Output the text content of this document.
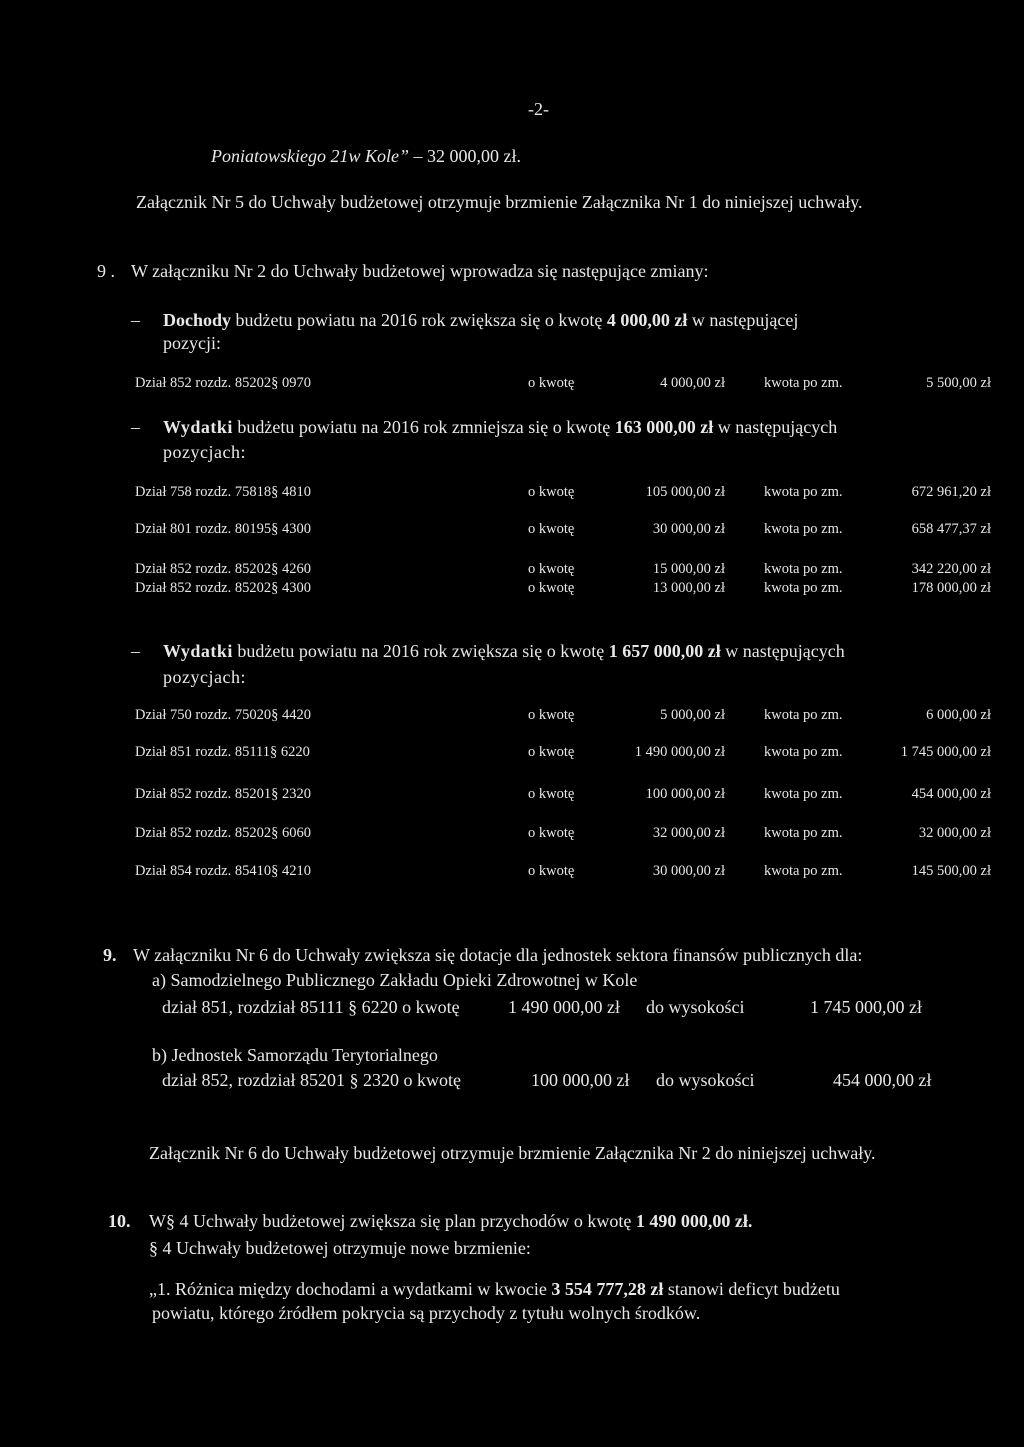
-2-
Poniatowskiego 21w Kole” – 32 000,00 zł.
Załącznik Nr 5 do Uchwały budżetowej otrzymuje brzmienie Załącznika Nr 1 do niniejszej uchwały.
9 . W załączniku Nr 2 do Uchwały budżetowej wprowadza się następujące zmiany:
– Dochody budżetu powiatu na 2016 rok zwiększa się o kwotę 4 000,00 zł w następującej
pozycji:
Dział 852 rozdz. 85202§ 0970	o kwotę	4 000,00 zł	kwota po zm.	5 500,00 zł
– Wydatki budżetu powiatu na 2016 rok zmniejsza się o kwotę 163 000,00 zł w następujących
pozycjach:
Dział 758 rozdz. 75818§ 4810	o kwotę	105 000,00 zł	kwota po zm.	672 961,20 zł
Dział 801 rozdz. 80195§ 4300	o kwotę	30 000,00 zł	kwota po zm.	658 477,37 zł
Dział 852 rozdz. 85202§ 4260	o kwotę	15 000,00 zł	kwota po zm.	342 220,00 zł
Dział 852 rozdz. 85202§ 4300	o kwotę	13 000,00 zł	kwota po zm.	178 000,00 zł
– Wydatki budżetu powiatu na 2016 rok zwiększa się o kwotę 1 657 000,00 zł w następujących
pozycjach:
Dział 750 rozdz. 75020§ 4420	o kwotę	5 000,00 zł	kwota po zm.	6 000,00 zł
Dział 851 rozdz. 85111§ 6220	o kwotę	1 490 000,00 zł	kwota po zm.	1 745 000,00 zł
Dział 852 rozdz. 85201§ 2320	o kwotę	100 000,00 zł	kwota po zm.	454 000,00 zł
Dział 852 rozdz. 85202§ 6060	o kwotę	32 000,00 zł	kwota po zm.	32 000,00 zł
Dział 854 rozdz. 85410§ 4210	o kwotę	30 000,00 zł	kwota po zm.	145 500,00 zł
9. W załączniku Nr 6 do Uchwały zwiększa się dotacje dla jednostek sektora finansów publicznych dla:
a) Samodzielnego Publicznego Zakładu Opieki Zdrowotnej w Kole
dział 851, rozdział 85111 § 6220 o kwotę	1 490 000,00 zł do wysokości	1 745 000,00 zł
b) Jednostek Samorządu Terytorialnego
dział 852, rozdział 85201 § 2320 o kwotę	100 000,00 zł do wysokości	454 000,00 zł
Załącznik Nr 6 do Uchwały budżetowej otrzymuje brzmienie Załącznika Nr 2 do niniejszej uchwały.
10. W§ 4 Uchwały budżetowej zwiększa się plan przychodów o kwotę 1 490 000,00 zł.
§ 4 Uchwały budżetowej otrzymuje nowe brzmienie:
„1. Różnica między dochodami a wydatkami w kwocie 3 554 777,28 zł stanowi deficyt budżetu
powiatu, którego źródłem pokrycia są przychody z tytułu wolnych środków.
